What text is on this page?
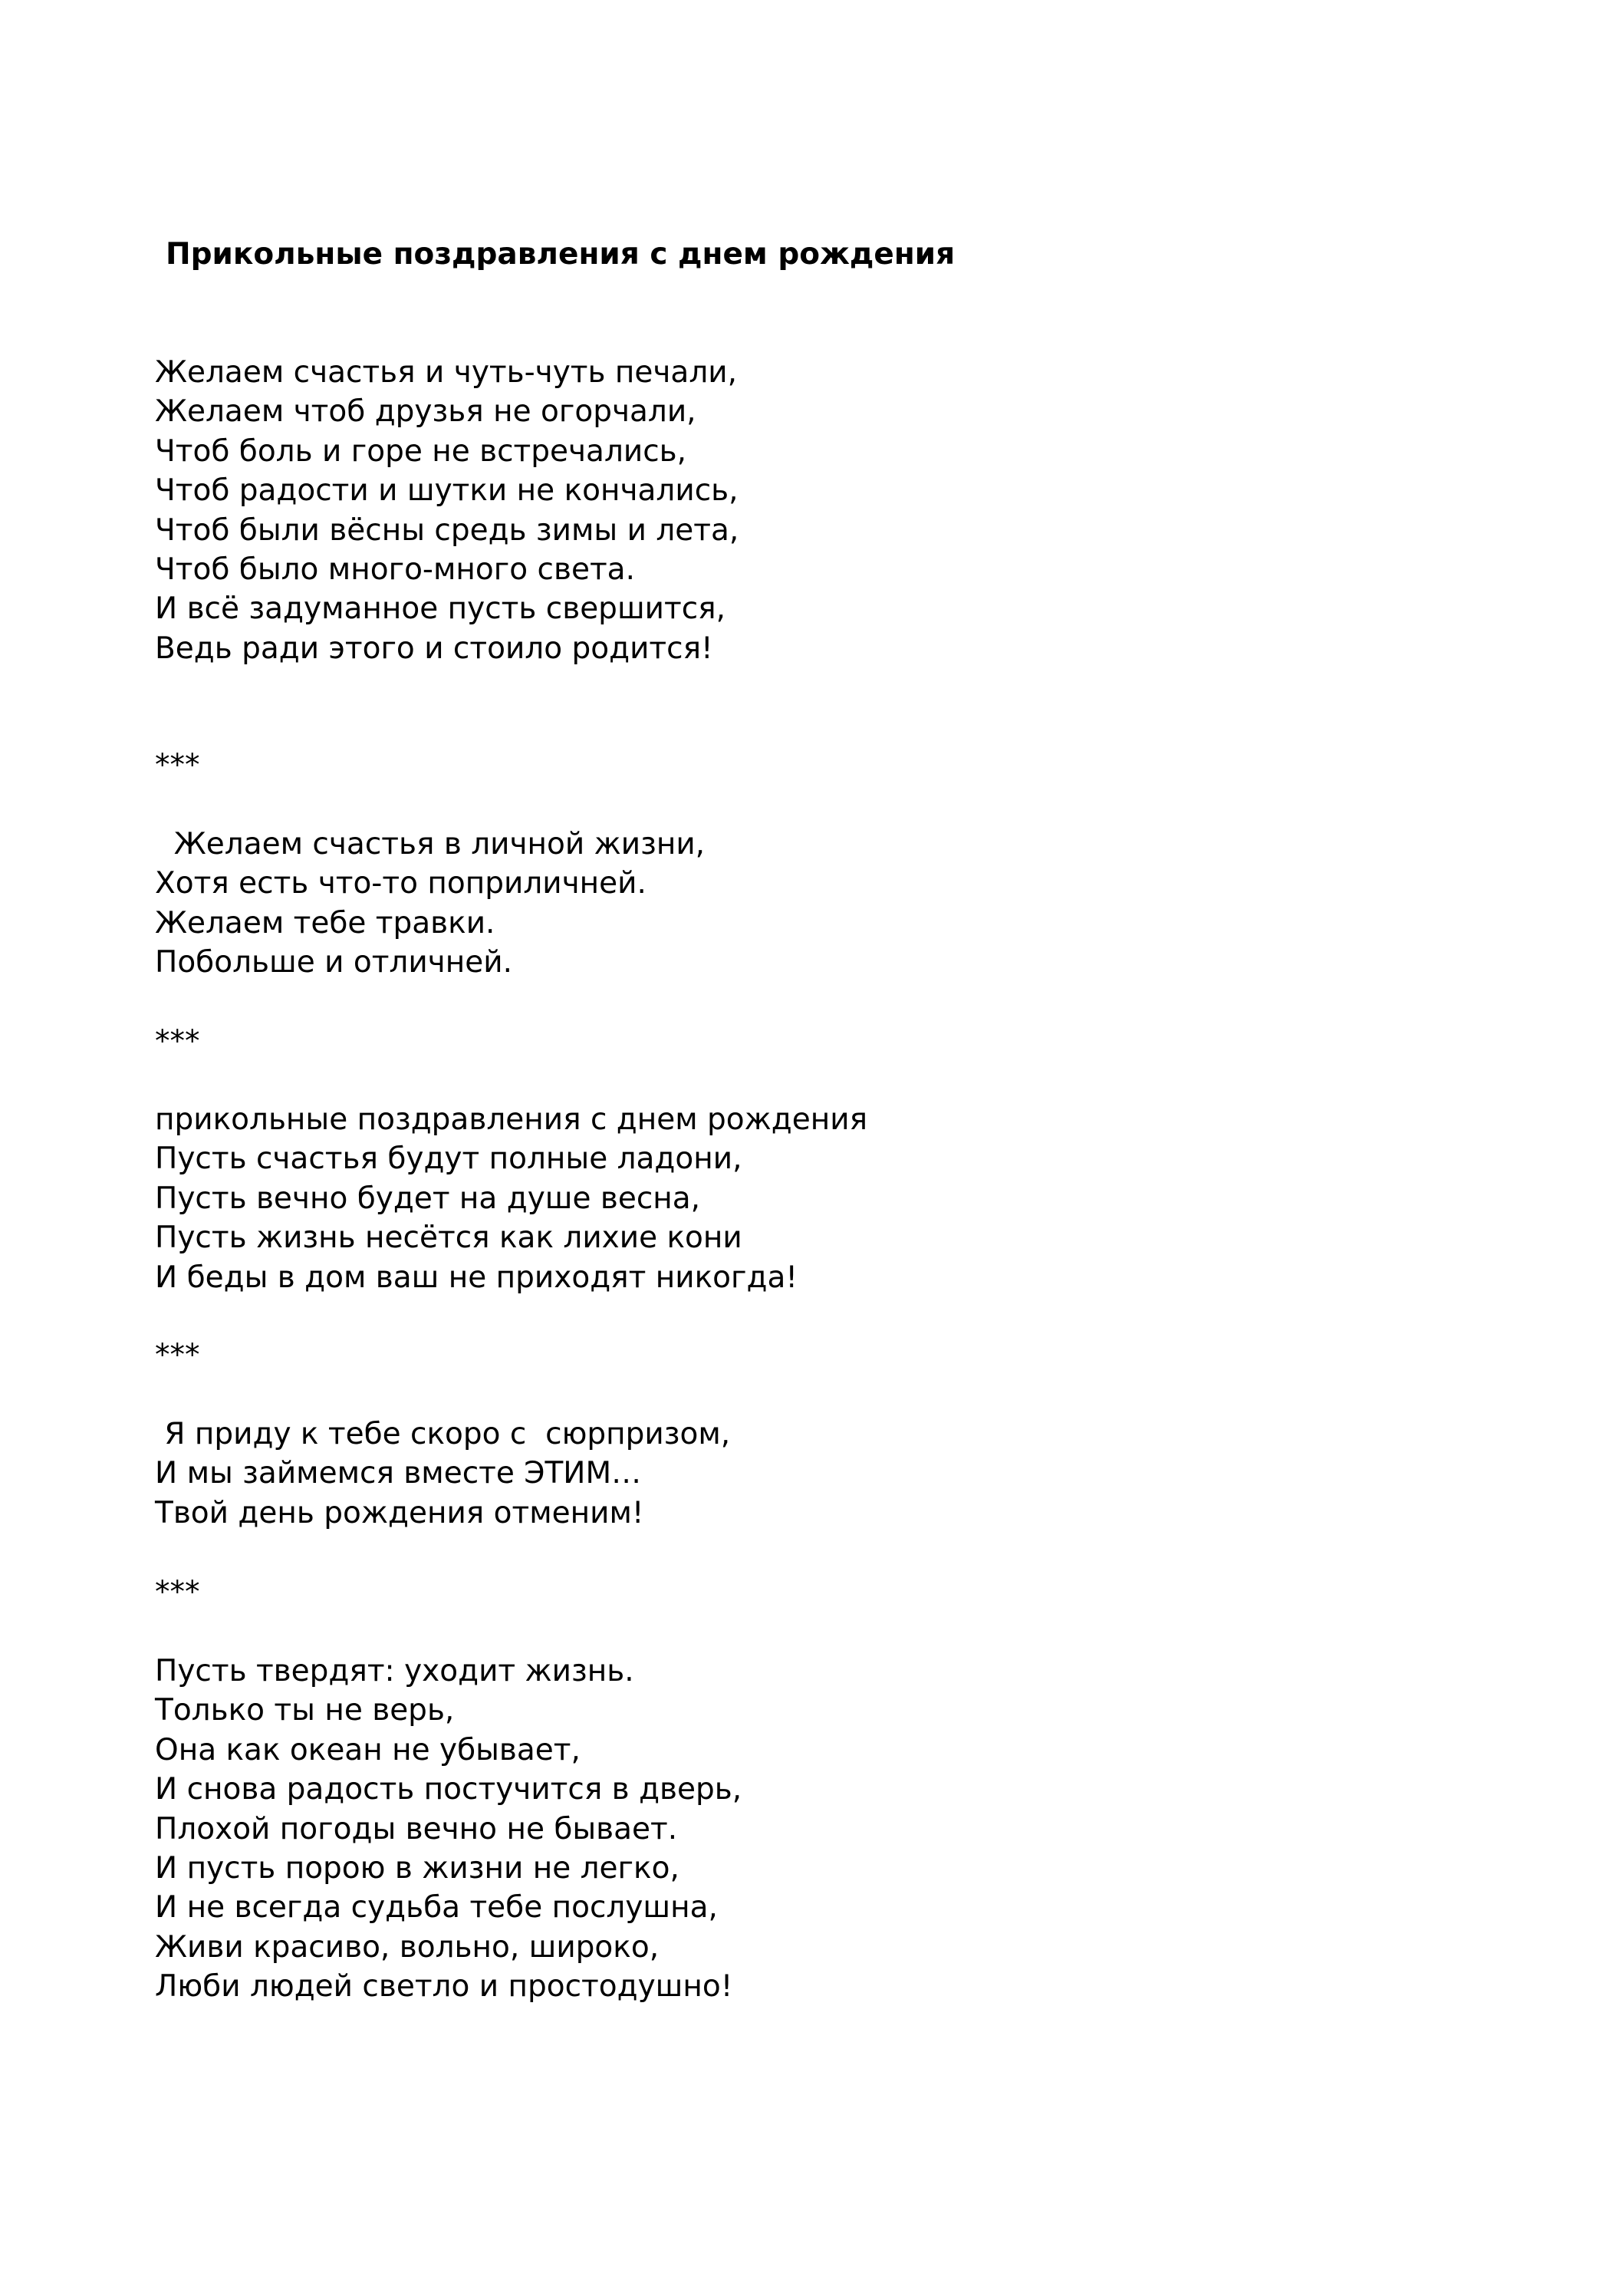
Прикольные поздравления с днем рождения
Желаем счастья и чуть-чуть печали,
Желаем чтоб друзья не огорчали,
Чтоб боль и горе не встречались,
Чтоб радости и шутки не кончались,
Чтоб были вёсны средь зимы и лета,
Чтоб было много-много света.
И всё задуманное пусть свершится,
Ведь ради этого и стоило родится!
***
Желаем счастья в личной жизни,
Хотя есть что-то поприличней.
Желаем тебе травки.
Побольше и отличней.
***
прикольные поздравления с днем рождения
Пусть счастья будут полные ладони,
Пусть вечно будет на душе весна,
Пусть жизнь несётся как лихие кони
И беды в дом ваш не приходят никогда!
***
Я приду к тебе скоро с  сюрпризом,
И мы займемся вместе ЭТИМ…
Твой день рождения отменим!
***
Пусть твердят: уходит жизнь.
Только ты не верь,
Она как океан не убывает,
И снова радость постучится в дверь,
Плохой погоды вечно не бывает.
И пусть порою в жизни не легко,
И не всегда судьба тебе послушна,
Живи красиво, вольно, широко,
Люби людей светло и простодушно!
